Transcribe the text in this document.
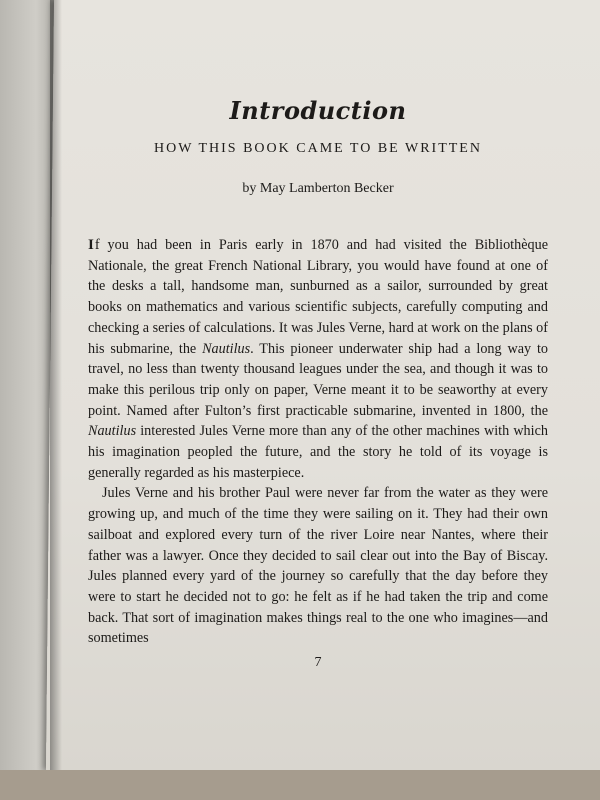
Introduction
HOW THIS BOOK CAME TO BE WRITTEN
by May Lamberton Becker

If you had been in Paris early in 1870 and had visited the Bibliothèque Nationale, the great French National Library, you would have found at one of the desks a tall, handsome man, sunburned as a sailor, surrounded by great books on mathematics and various scientific subjects, carefully computing and checking a series of calculations. It was Jules Verne, hard at work on the plans of his submarine, the Nautilus. This pioneer underwater ship had a long way to travel, no less than twenty thousand leagues under the sea, and though it was to make this perilous trip only on paper, Verne meant it to be seaworthy at every point. Named after Fulton’s first practicable submarine, invented in 1800, the Nautilus interested Jules Verne more than any of the other machines with which his imagination peopled the future, and the story he told of its voyage is generally regarded as his masterpiece.

Jules Verne and his brother Paul were never far from the water as they were growing up, and much of the time they were sailing on it. They had their own sailboat and explored every turn of the river Loire near Nantes, where their father was a lawyer. Once they decided to sail clear out into the Bay of Biscay. Jules planned every yard of the journey so carefully that the day before they were to start he decided not to go: he felt as if he had taken the trip and come back. That sort of imagination makes things real to the one who imagines—and sometimes

7
